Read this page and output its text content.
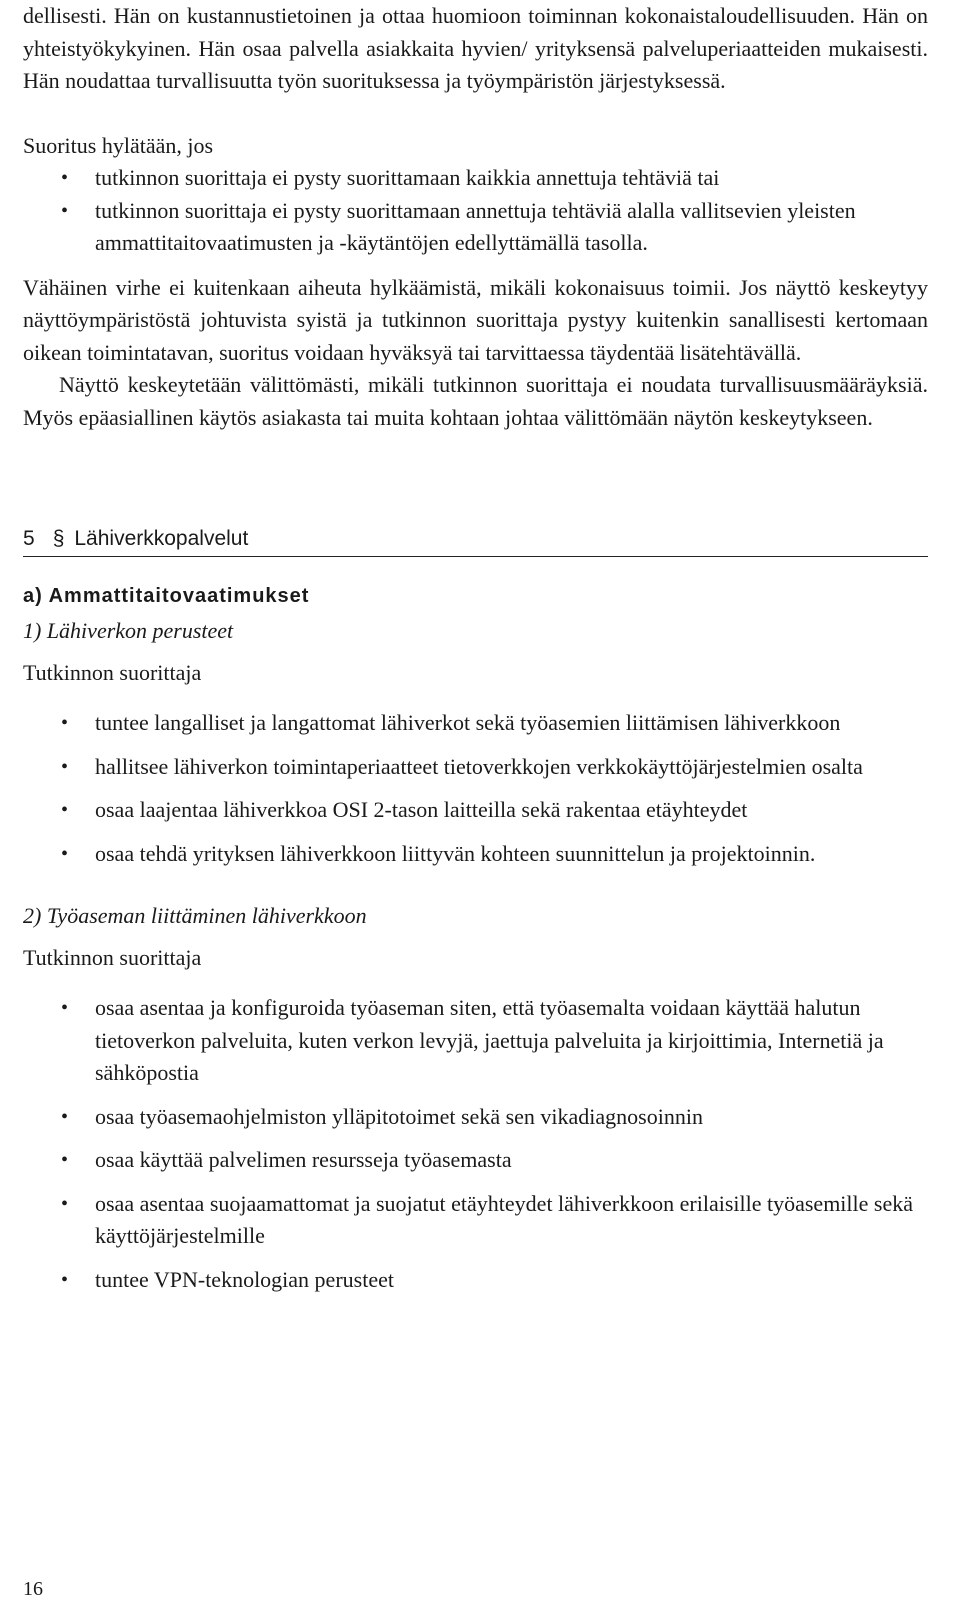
dellisesti. Hän on kustannustietoinen ja ottaa huomioon toiminnan kokonaistaloudellisuuden. Hän on yhteistyökykyinen. Hän osaa palvella asiakkaita hyvien/ yrityksensä palveluperiaatteiden mukaisesti. Hän noudattaa turvallisuutta työn suorituksessa ja työympäristön järjestyksessä.

Suoritus hylätään, jos

• tutkinnon suorittaja ei pysty suorittamaan kaikkia annettuja tehtäviä tai
• tutkinnon suorittaja ei pysty suorittamaan annettuja tehtäviä alalla vallitsevien yleisten ammattitaitovaatimusten ja -käytäntöjen edellyttämällä tasolla.

Vähäinen virhe ei kuitenkaan aiheuta hylkäämistä, mikäli kokonaisuus toimii. Jos näyttö keskeytyy näyttöympäristöstä johtuvista syistä ja tutkinnon suorittaja pystyy kuitenkin sanallisesti kertomaan oikean toimintatavan, suoritus voidaan hyväksyä tai tarvittaessa täydentää lisätehtävällä.

Näyttö keskeytetään välittömästi, mikäli tutkinnon suorittaja ei noudata turvallisuusmääräyksiä. Myös epäasiallinen käytös asiakasta tai muita kohtaan johtaa välittömään näytön keskeytykseen.

5 § Lähiverkkopalvelut
a) Ammattitaitovaatimukset
1) Lähiverkon perusteet
Tutkinnon suorittaja
• tuntee langalliset ja langattomat lähiverkot sekä työasemien liittämisen lähiverkkoon
• hallitsee lähiverkon toimintaperiaatteet tietoverkkojen verkkokäyttöjärjestelmien osalta
• osaa laajentaa lähiverkkoa OSI 2-tason laitteilla sekä rakentaa etäyhteydet
• osaa tehdä yrityksen lähiverkkoon liittyvän kohteen suunnittelun ja projektoinnin.
2) Työaseman liittäminen lähiverkkoon
Tutkinnon suorittaja
• osaa asentaa ja konfiguroida työaseman siten, että työasemalta voidaan käyttää halutun tietoverkon palveluita, kuten verkon levyjä, jaettuja palveluita ja kirjoittimia, Internetiä ja sähköpostia
• osaa työasemaohjelmiston ylläpitotoimet sekä sen vikadiagnosoinnin
• osaa käyttää palvelimen resursseja työasemasta
• osaa asentaa suojaamattomat ja suojatut etäyhteydet lähiverkkoon erilaisille työasemille sekä käyttöjärjestelmille
• tuntee VPN-teknologian perusteet
16
